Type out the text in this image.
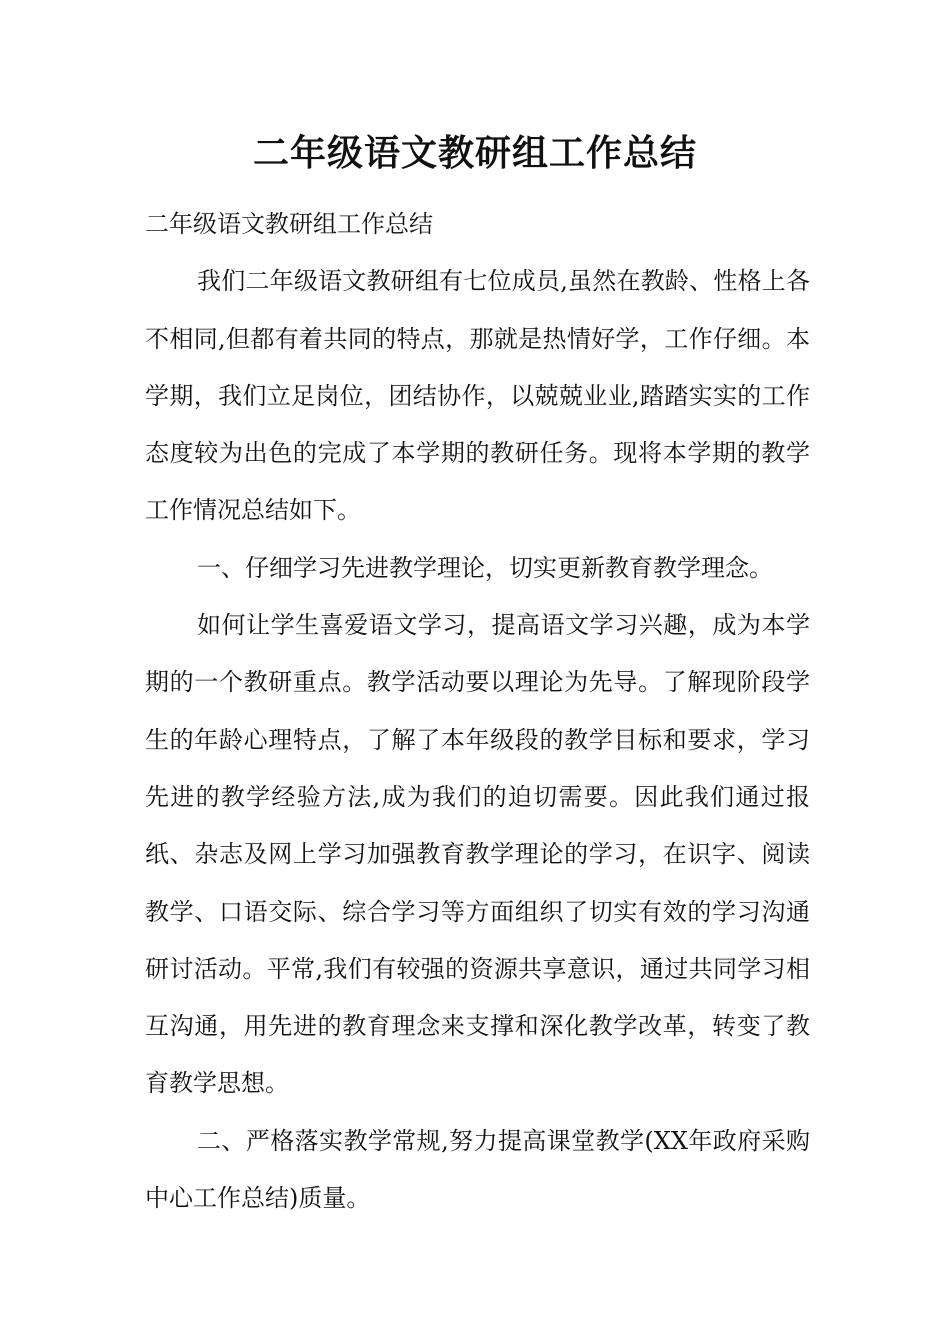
二年级语文教研组工作总结

二年级语文教研组工作总结

我们二年级语文教研组有七位成员,虽然在教龄、性格上各不相同,但都有着共同的特点，那就是热情好学，工作仔细。本学期，我们立足岗位，团结协作，以兢兢业业,踏踏实实的工作态度较为出色的完成了本学期的教研任务。现将本学期的教学工作情况总结如下。

一、仔细学习先进教学理论，切实更新教育教学理念。

如何让学生喜爱语文学习，提高语文学习兴趣，成为本学期的一个教研重点。教学活动要以理论为先导。了解现阶段学生的年龄心理特点，了解了本年级段的教学目标和要求，学习先进的教学经验方法,成为我们的迫切需要。因此我们通过报纸、杂志及网上学习加强教育教学理论的学习，在识字、阅读教学、口语交际、综合学习等方面组织了切实有效的学习沟通研讨活动。平常,我们有较强的资源共享意识，通过共同学习相互沟通，用先进的教育理念来支撑和深化教学改革，转变了教育教学思想。

二、严格落实教学常规,努力提高课堂教学(XX年政府采购中心工作总结)质量。
